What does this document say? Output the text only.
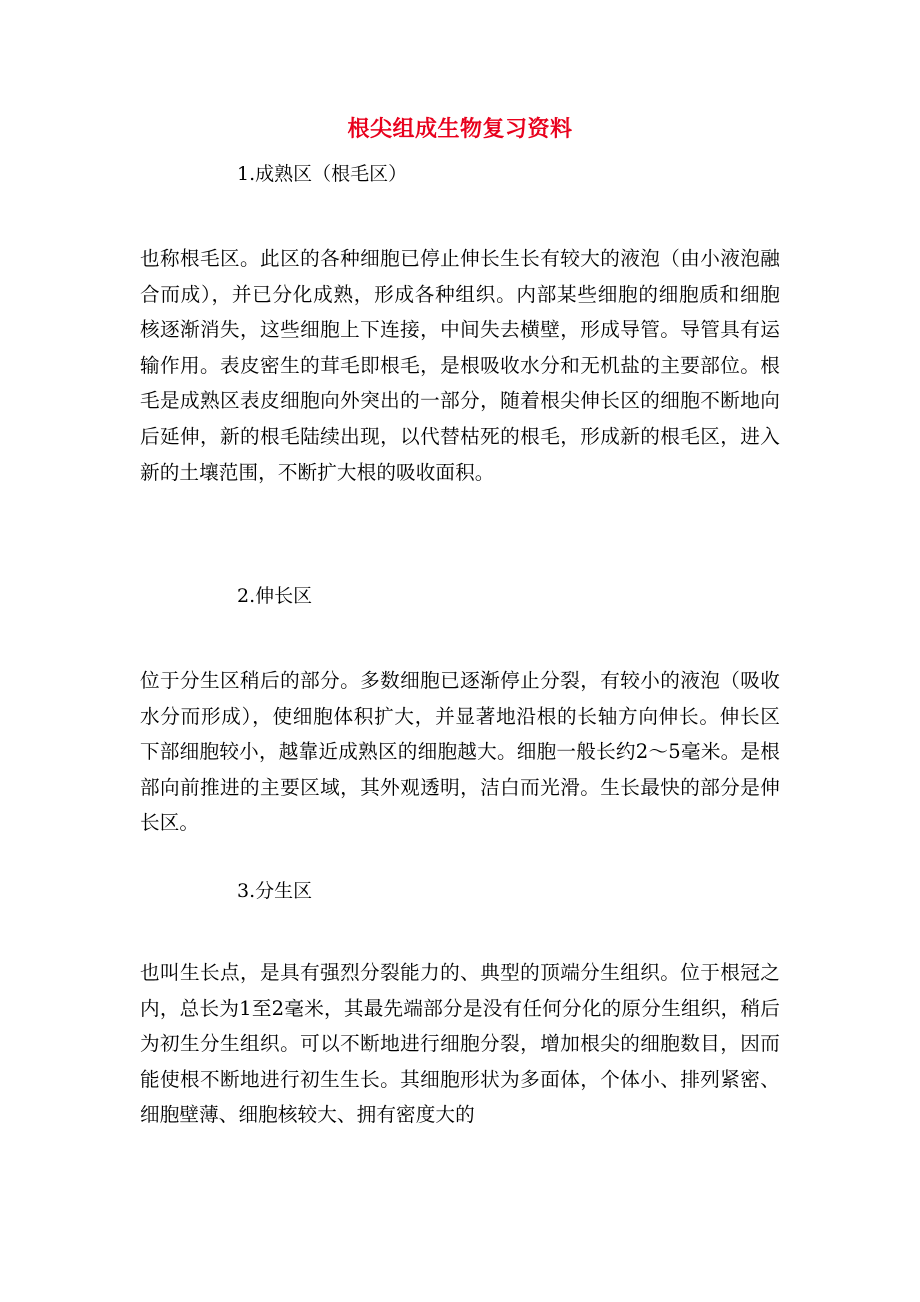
根尖组成生物复习资料
1.成熟区（根毛区）
也称根毛区。此区的各种细胞已停止伸长生长有较大的液泡（由小液泡融合而成），并已分化成熟，形成各种组织。内部某些细胞的细胞质和细胞核逐渐消失，这些细胞上下连接，中间失去横壁，形成导管。导管具有运输作用。表皮密生的茸毛即根毛，是根吸收水分和无机盐的主要部位。根毛是成熟区表皮细胞向外突出的一部分，随着根尖伸长区的细胞不断地向后延伸，新的根毛陆续出现，以代替枯死的根毛，形成新的根毛区，进入新的土壤范围，不断扩大根的吸收面积。
2.伸长区
位于分生区稍后的部分。多数细胞已逐渐停止分裂，有较小的液泡（吸收水分而形成），使细胞体积扩大，并显著地沿根的长轴方向伸长。伸长区下部细胞较小，越靠近成熟区的细胞越大。细胞一般长约2～5毫米。是根部向前推进的主要区域，其外观透明，洁白而光滑。生长最快的部分是伸长区。
3.分生区
也叫生长点，是具有强烈分裂能力的、典型的顶端分生组织。位于根冠之内，总长为1至2毫米，其最先端部分是没有任何分化的原分生组织，稍后为初生分生组织。可以不断地进行细胞分裂，增加根尖的细胞数目，因而能使根不断地进行初生生长。其细胞形状为多面体，个体小、排列紧密、细胞壁薄、细胞核较大、拥有密度大的
